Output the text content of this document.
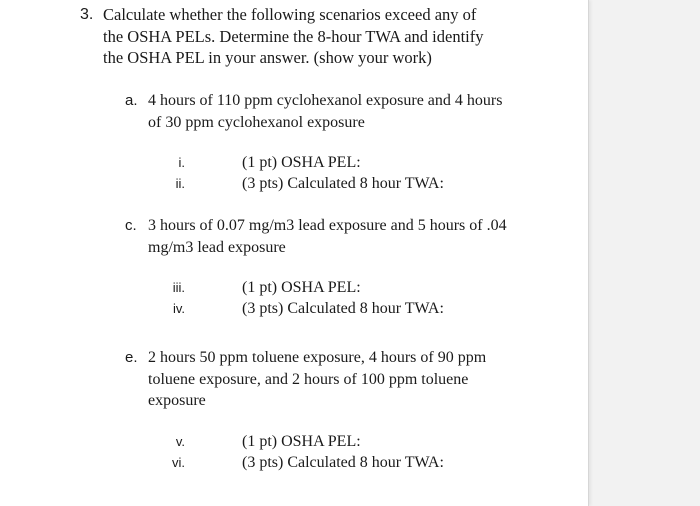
3. Calculate whether the following scenarios exceed any of
the OSHA PELs. Determine the 8-hour TWA and identify
the OSHA PEL in your answer. (show your work)
a. 4 hours of 110 ppm cyclohexanol exposure and 4 hours
of 30 ppm cyclohexanol exposure
i.	(1 pt) OSHA PEL:
ii.	(3 pts) Calculated 8 hour TWA:
c. 3 hours of 0.07 mg/m3 lead exposure and 5 hours of .04
mg/m3 lead exposure
iii.	(1 pt) OSHA PEL:
iv.	(3 pts) Calculated 8 hour TWA:
e. 2 hours 50 ppm toluene exposure, 4 hours of 90 ppm
toluene exposure, and 2 hours of 100 ppm toluene
exposure
v.	(1 pt) OSHA PEL:
vi.	(3 pts) Calculated 8 hour TWA:
